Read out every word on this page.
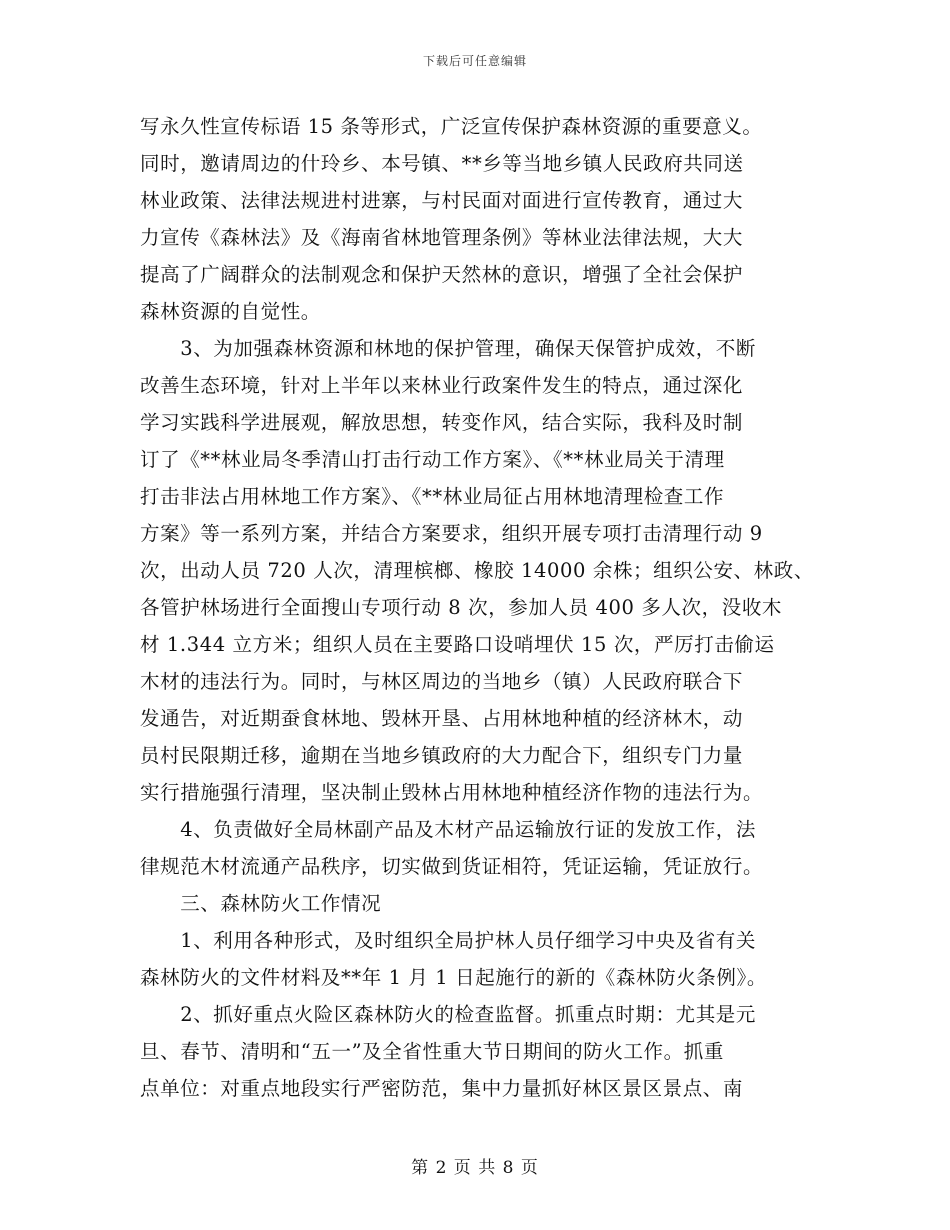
下载后可任意编辑
写永久性宣传标语 15 条等形式，广泛宣传保护森林资源的重要意义。
同时，邀请周边的什玲乡、本号镇、**乡等当地乡镇人民政府共同送
林业政策、法律法规进村进寨，与村民面对面进行宣传教育，通过大
力宣传《森林法》及《海南省林地管理条例》等林业法律法规，大大
提高了广阔群众的法制观念和保护天然林的意识，增强了全社会保护
森林资源的自觉性。
　　3、为加强森林资源和林地的保护管理，确保天保管护成效，不断
改善生态环境，针对上半年以来林业行政案件发生的特点，通过深化
学习实践科学进展观，解放思想，转变作风，结合实际，我科及时制
订了《**林业局冬季清山打击行动工作方案》、《**林业局关于清理
打击非法占用林地工作方案》、《**林业局征占用林地清理检查工作
方案》等一系列方案，并结合方案要求，组织开展专项打击清理行动 9
次，出动人员 720 人次，清理槟榔、橡胶 14000 余株；组织公安、林政、
各管护林场进行全面搜山专项行动 8 次，参加人员 400 多人次，没收木
材 1.344 立方米；组织人员在主要路口设哨埋伏 15 次，严厉打击偷运
木材的违法行为。同时，与林区周边的当地乡（镇）人民政府联合下
发通告，对近期蚕食林地、毁林开垦、占用林地种植的经济林木，动
员村民限期迁移，逾期在当地乡镇政府的大力配合下，组织专门力量
实行措施强行清理，坚决制止毁林占用林地种植经济作物的违法行为。
　　4、负责做好全局林副产品及木材产品运输放行证的发放工作，法
律规范木材流通产品秩序，切实做到货证相符，凭证运输，凭证放行。
　　三、森林防火工作情况
　　1、利用各种形式，及时组织全局护林人员仔细学习中央及省有关
森林防火的文件材料及**年 1 月 1 日起施行的新的《森林防火条例》。
　　2、抓好重点火险区森林防火的检查监督。抓重点时期：尤其是元
旦、春节、清明和“五一”及全省性重大节日期间的防火工作。抓重
点单位：对重点地段实行严密防范，集中力量抓好林区景区景点、南
第 2 页 共 8 页
